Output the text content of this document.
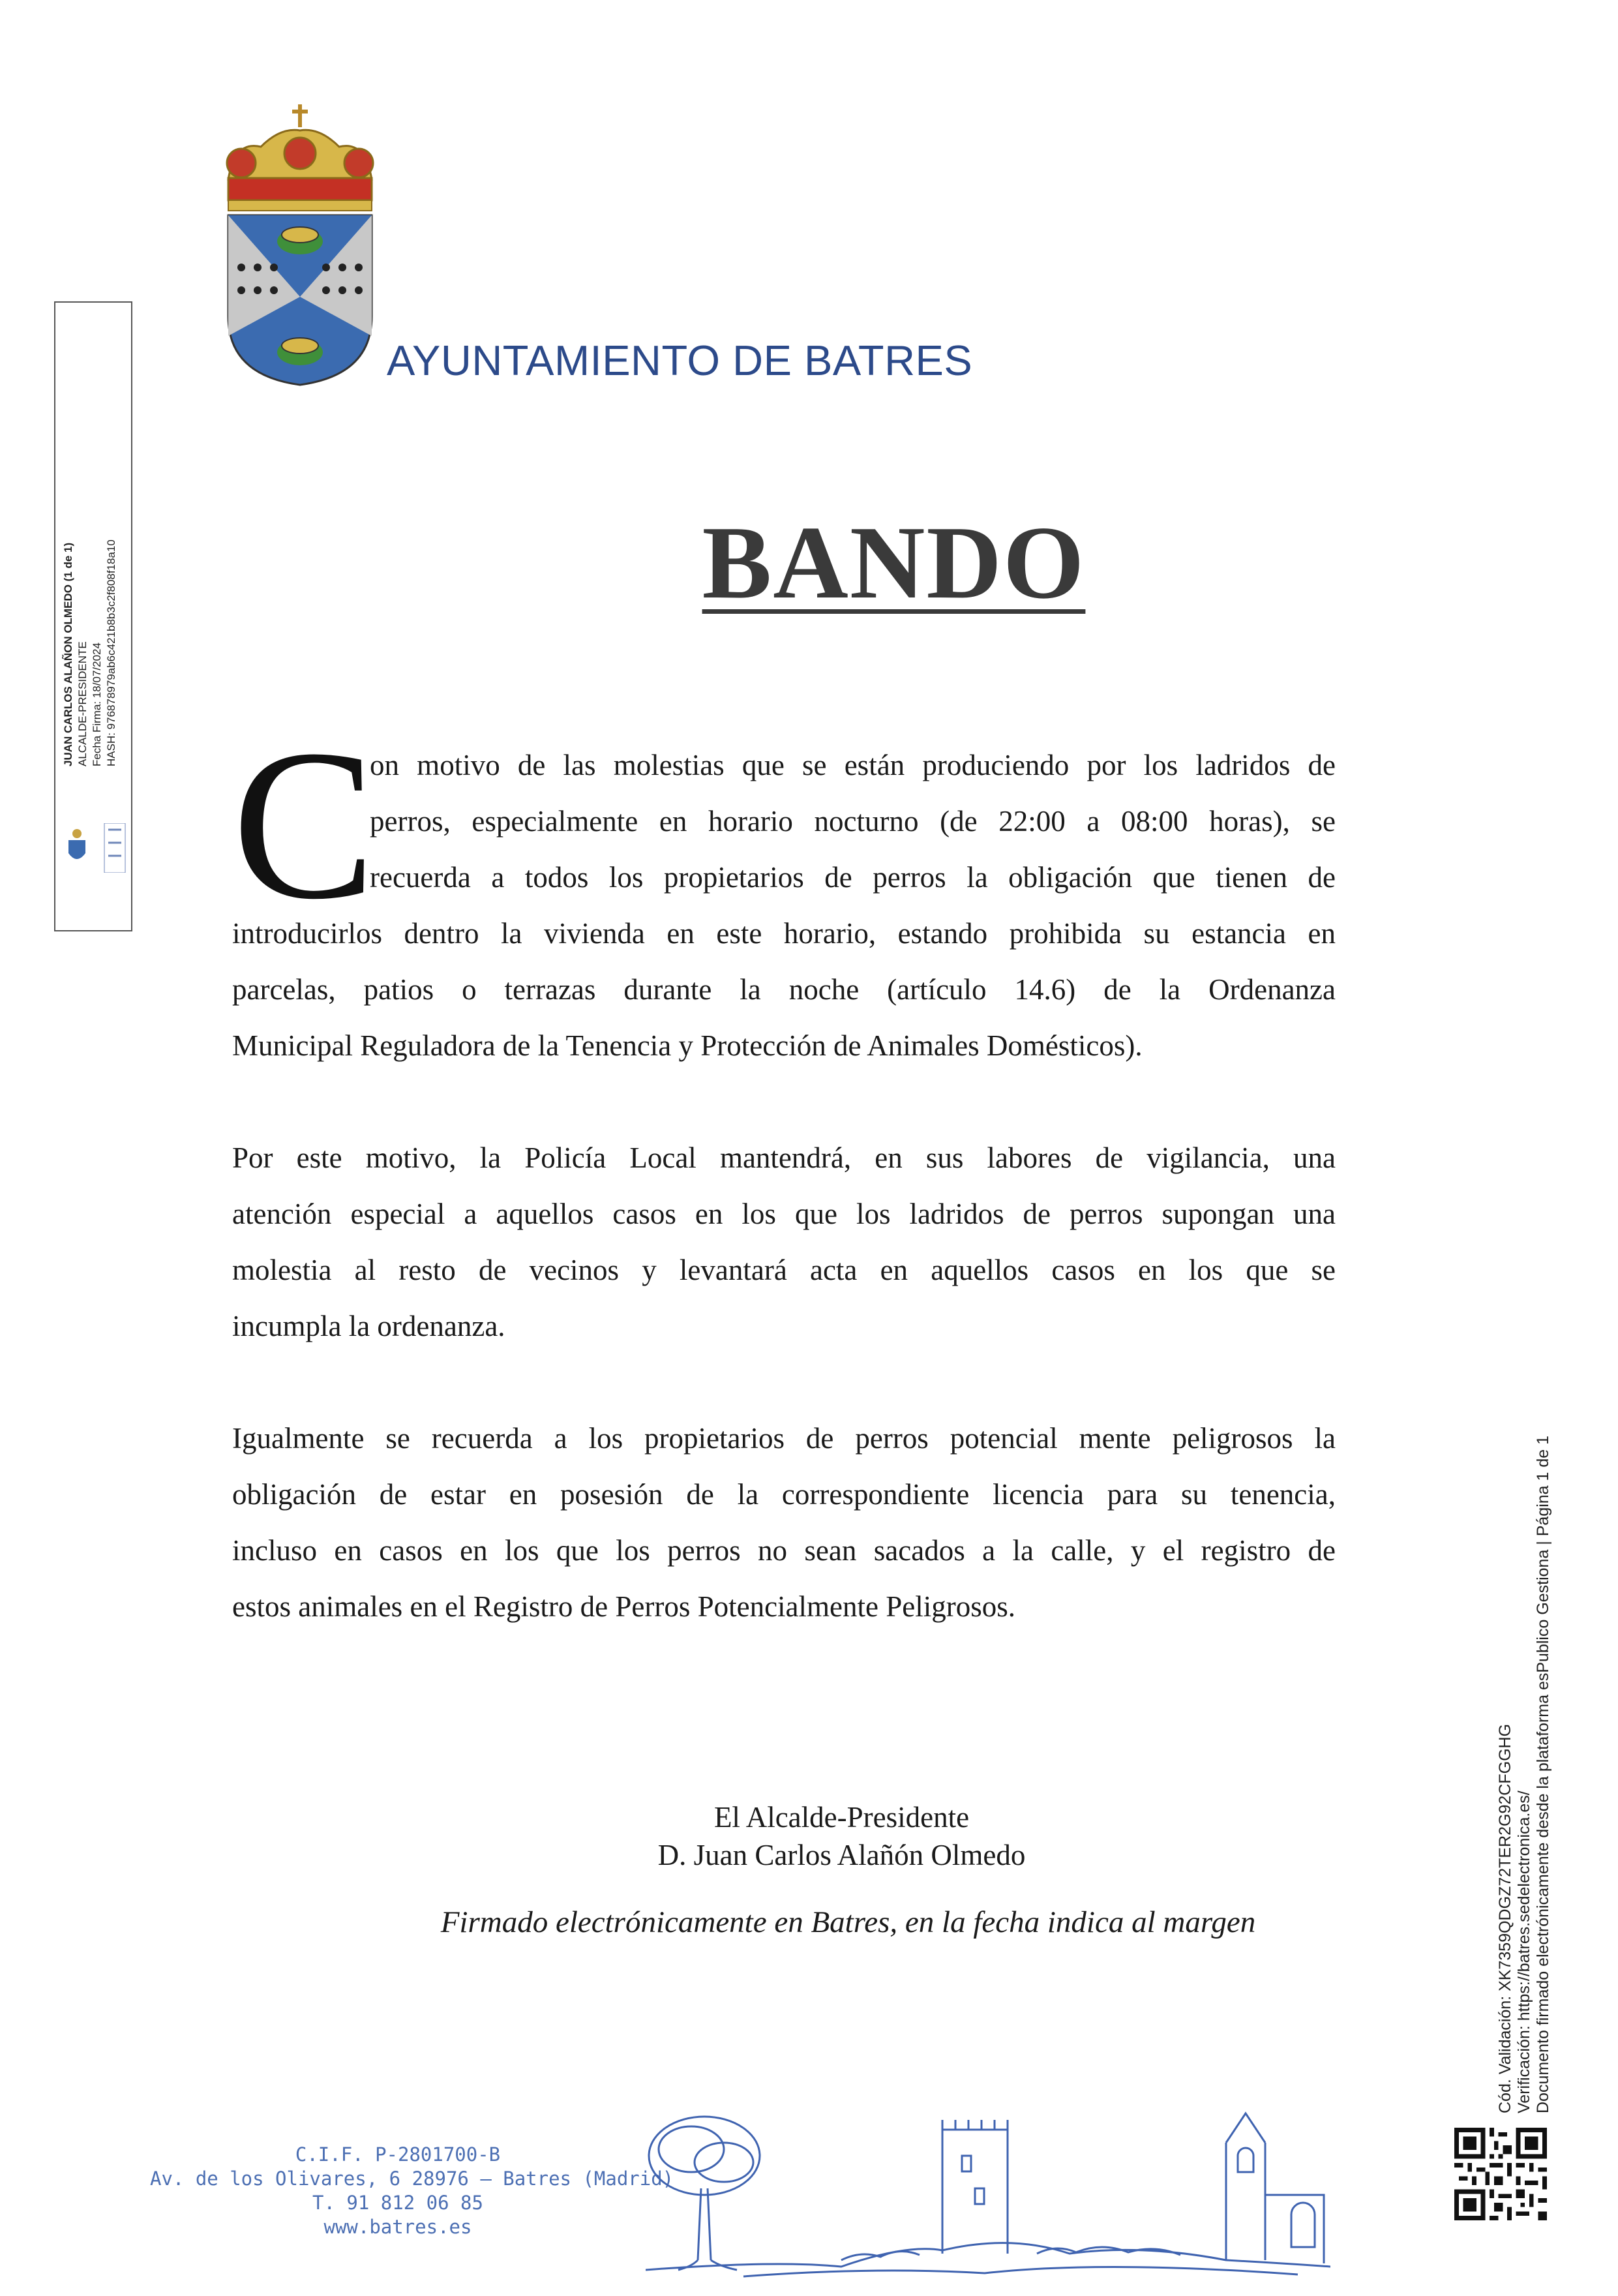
JUAN CARLOS ALAÑON OLMEDO (1 de 1) ALCALDE-PRESIDENTE Fecha Firma: 18/07/2024 HASH: 976878979ab6c421b8b3c2f808f18a10
AYUNTAMIENTO DE BATRES
BANDO
C
on motivo de las molestias que se están produciendo por los ladridos de
perros, especialmente en horario nocturno (de 22:00 a 08:00 horas), se
recuerda a todos los propietarios de perros la obligación que tienen de
introducirlos dentro la vivienda en este horario, estando prohibida su estancia en
parcelas, patios o terrazas durante la noche (artículo 14.6) de la Ordenanza
Municipal Reguladora de la Tenencia y Protección de Animales Domésticos).
Por este motivo, la Policía Local mantendrá, en sus labores de vigilancia, una
atención especial a aquellos casos en los que los ladridos de perros supongan una
molestia al resto de vecinos y levantará acta en aquellos casos en los que se
incumpla la ordenanza.
Igualmente se recuerda a los propietarios de perros potencial mente peligrosos la
obligación de estar en posesión de la correspondiente licencia para su tenencia,
incluso en casos en los que los perros no sean sacados a la calle, y el registro de
estos animales en el Registro de Perros Potencialmente Peligrosos.
El Alcalde-Presidente
D. Juan Carlos Alañón Olmedo
Firmado electrónicamente en Batres, en la fecha indica al margen
C.I.F. P-2801700-B
Av. de los Olivares, 6 28976 – Batres (Madrid)
T. 91 812 06 85
www.batres.es
Cód. Validación: XK7359QDGZ72TER2G92CFGGHG Verificación: https://batres.sedelectronica.es/ Documento firmado electrónicamente desde la plataforma esPublico Gestiona | Página 1 de 1
